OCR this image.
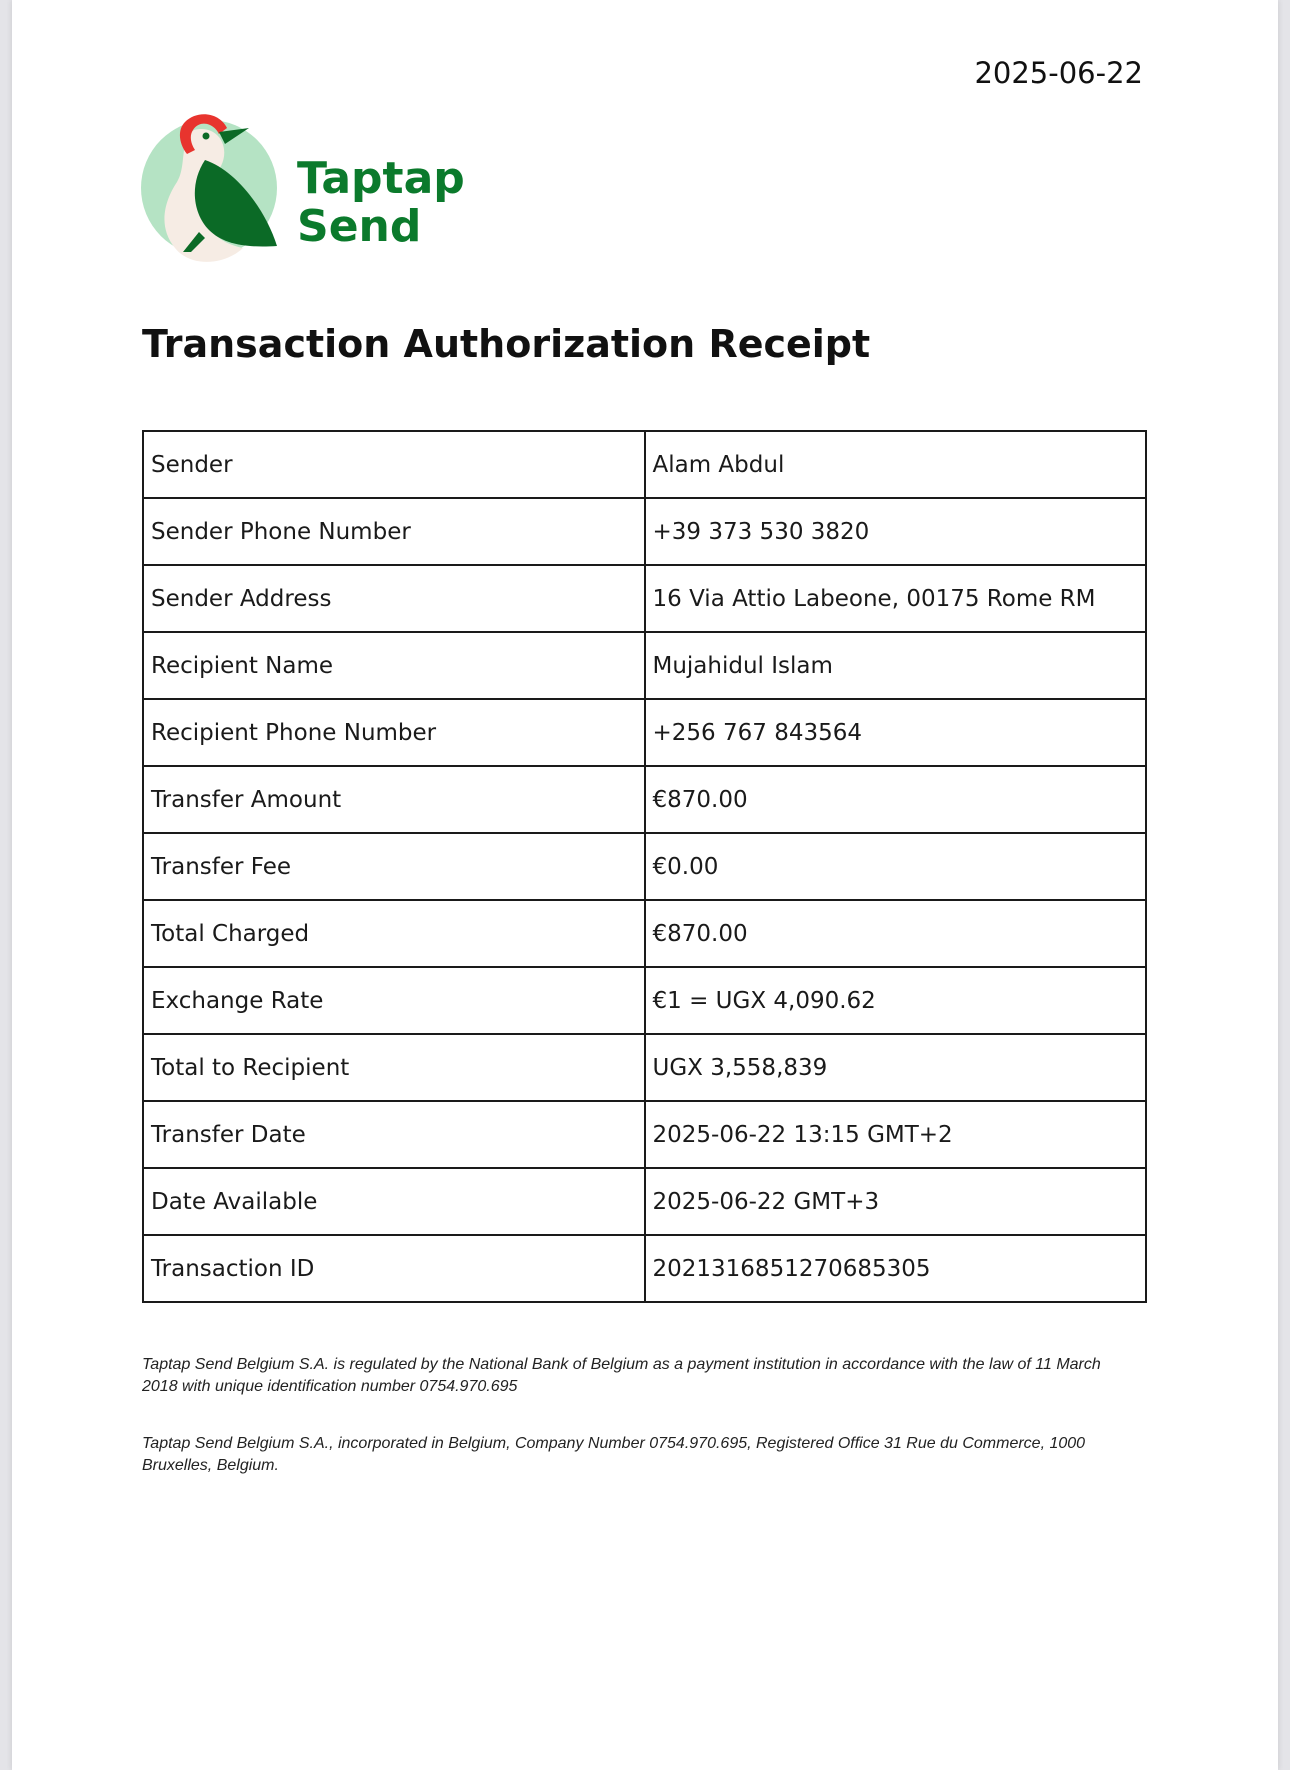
2025-06-22
Taptap
Send
Transaction Authorization Receipt
Sender	Alam Abdul
Sender Phone Number	+39 373 530 3820
Sender Address	16 Via Attio Labeone, 00175 Rome RM
Recipient Name	Mujahidul Islam
Recipient Phone Number	+256 767 843564
Transfer Amount	€870.00
Transfer Fee	€0.00
Total Charged	€870.00
Exchange Rate	€1 = UGX 4,090.62
Total to Recipient	UGX 3,558,839
Transfer Date	2025-06-22 13:15 GMT+2
Date Available	2025-06-22 GMT+3
Transaction ID	2021316851270685305

Taptap Send Belgium S.A. is regulated by the National Bank of Belgium as a payment institution in accordance with the law of 11 March 2018 with unique identification number 0754.970.695

Taptap Send Belgium S.A., incorporated in Belgium, Company Number 0754.970.695, Registered Office 31 Rue du Commerce, 1000 Bruxelles, Belgium.
